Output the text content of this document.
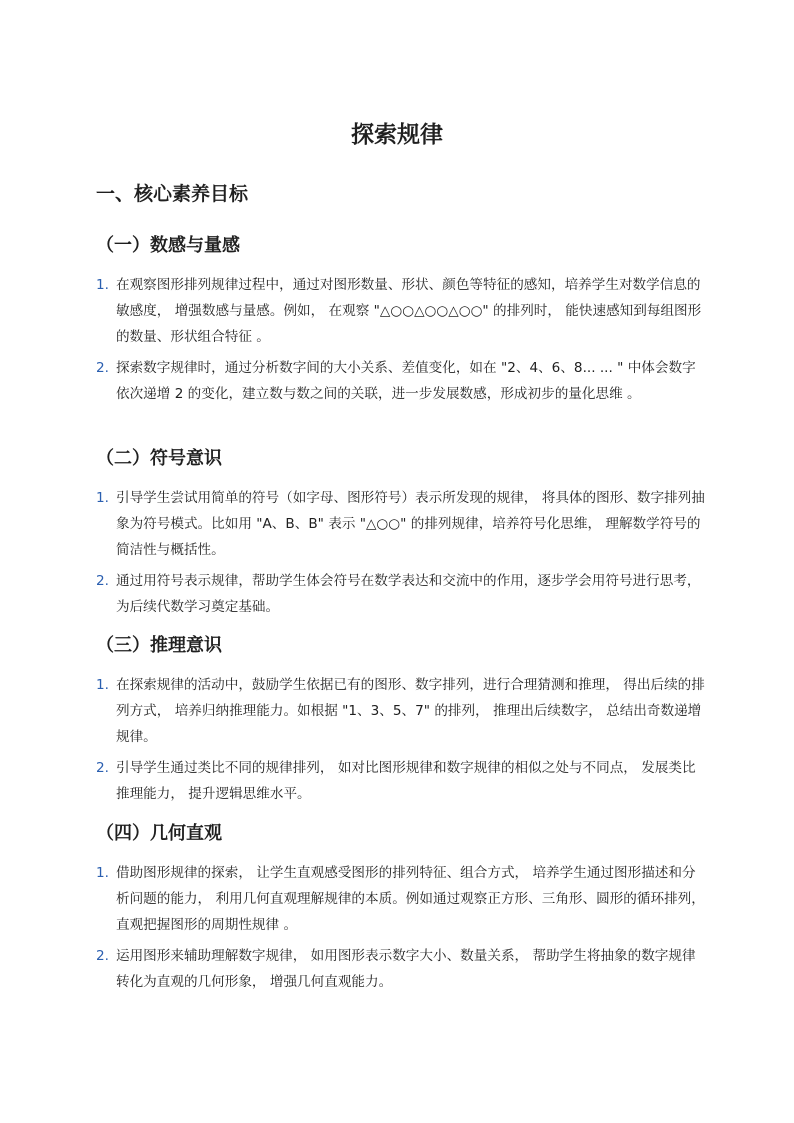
探索规律
一、核心素养目标
（一）数感与量感
1. 在观察图形排列规律过程中，通过对图形数量、形状、颜色等特征的感知，培养学生对数学信息的敏感度， 增强数感与量感。例如， 在观察 "△○○△○○△○○" 的排列时， 能快速感知到每组图形的数量、形状组合特征 。
2. 探索数字规律时，通过分析数字间的大小关系、差值变化，如在 "2、4、6、8... ... " 中体会数字依次递增 2 的变化，建立数与数之间的关联，进一步发展数感，形成初步的量化思维 。
（二）符号意识
1. 引导学生尝试用简单的符号（如字母、图形符号）表示所发现的规律， 将具体的图形、数字排列抽象为符号模式。比如用 "A、B、B" 表示 "△○○" 的排列规律，培养符号化思维， 理解数学符号的简洁性与概括性。
2. 通过用符号表示规律，帮助学生体会符号在数学表达和交流中的作用，逐步学会用符号进行思考， 为后续代数学习奠定基础。
（三）推理意识
1. 在探索规律的活动中，鼓励学生依据已有的图形、数字排列，进行合理猜测和推理， 得出后续的排列方式， 培养归纳推理能力。如根据 "1、3、5、7" 的排列， 推理出后续数字， 总结出奇数递增规律。
2. 引导学生通过类比不同的规律排列， 如对比图形规律和数字规律的相似之处与不同点， 发展类比推理能力， 提升逻辑思维水平。
（四）几何直观
1. 借助图形规律的探索， 让学生直观感受图形的排列特征、组合方式， 培养学生通过图形描述和分析问题的能力， 利用几何直观理解规律的本质。例如通过观察正方形、三角形、圆形的循环排列， 直观把握图形的周期性规律 。
2. 运用图形来辅助理解数字规律， 如用图形表示数字大小、数量关系， 帮助学生将抽象的数字规律转化为直观的几何形象， 增强几何直观能力。
